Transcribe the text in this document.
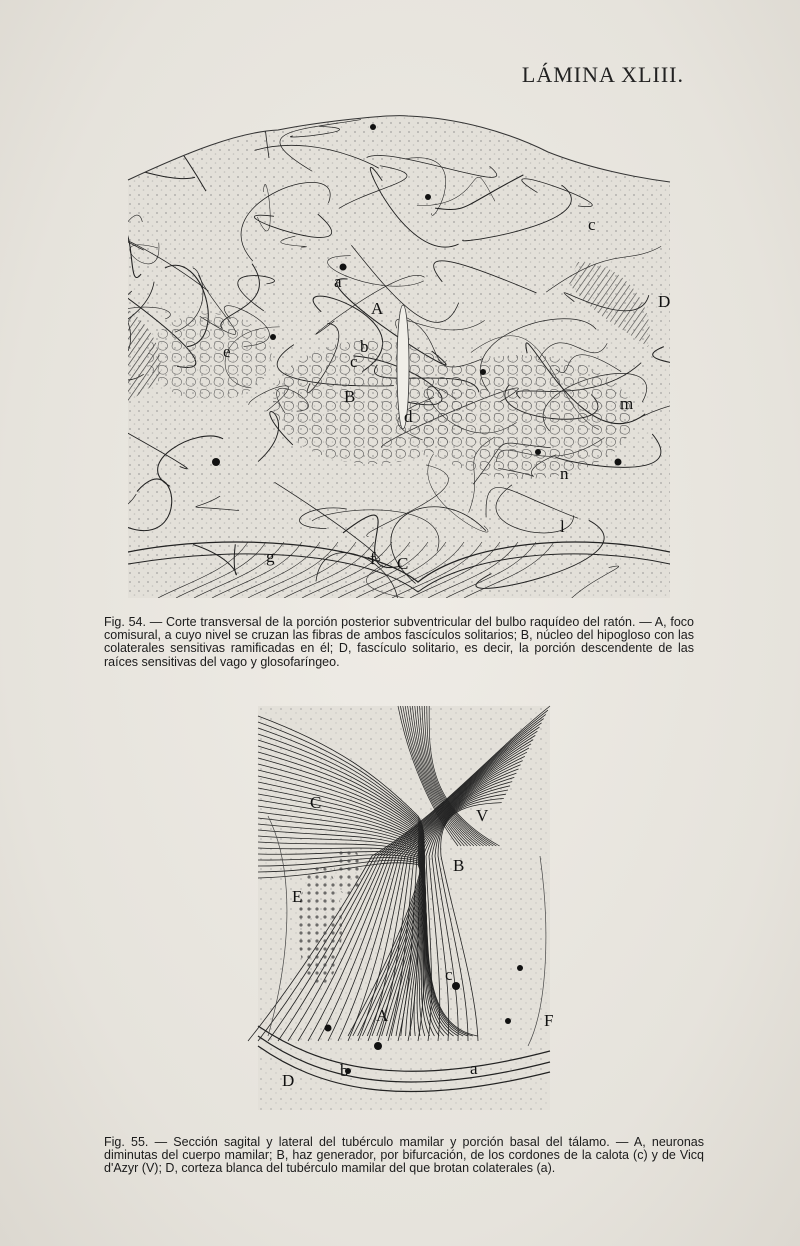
LÁMINA XLIII.
A
b
c
d
B
a
c
D
e
m
n
l
g	f C
Fig. 54. — Corte transversal de la porción posterior subventricular del bulbo raquídeo del ratón. — A, foco comisural, a cuyo nivel se cruzan las fibras de ambos fascículos solitarios; B, núcleo del hipogloso con las colaterales sensitivas ramificadas en él; D, fascículo solitario, es decir, la porción descendente de las raíces sensitivas del vago y glosofaríngeo.
C
V
B
E
c
A	F
D
b	a
Fig. 55. — Sección sagital y lateral del tubérculo mamilar y porción basal del tálamo. — A, neuronas diminutas del cuerpo mamilar; B, haz generador, por bifurcación, de los cordones de la calota (c) y de Vicq d'Azyr (V); D, corteza blanca del tubérculo mamilar del que brotan colaterales (a).
